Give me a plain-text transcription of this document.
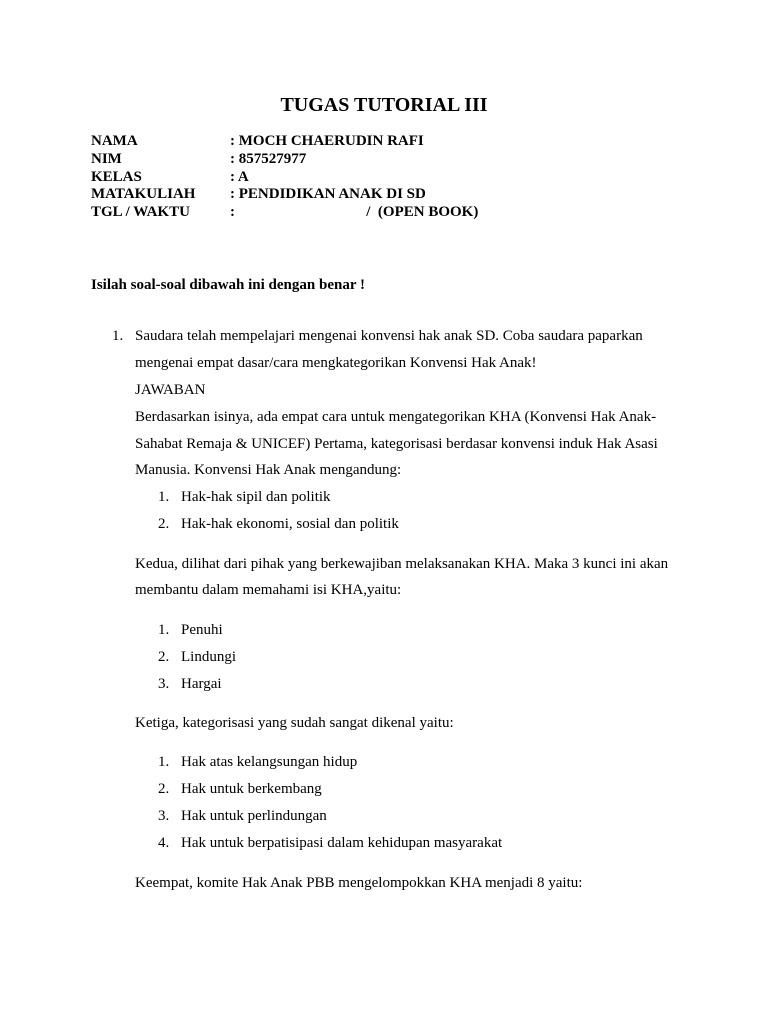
TUGAS TUTORIAL III
NAMA	: MOCH CHAERUDIN RAFI
NIM	: 857527977
KELAS	: A
MATAKULIAH	: PENDIDIKAN ANAK DI SD
TGL / WAKTU	:                                   /  (OPEN BOOK)
Isilah soal-soal dibawah ini dengan benar !
1. Saudara telah mempelajari mengenai konvensi hak anak SD. Coba saudara paparkan
mengenai empat dasar/cara mengkategorikan Konvensi Hak Anak!
JAWABAN
Berdasarkan isinya, ada empat cara untuk mengategorikan KHA (Konvensi Hak Anak-
Sahabat Remaja & UNICEF) Pertama, kategorisasi berdasar konvensi induk Hak Asasi
Manusia. Konvensi Hak Anak mengandung:
1. Hak-hak sipil dan politik
2. Hak-hak ekonomi, sosial dan politik
Kedua, dilihat dari pihak yang berkewajiban melaksanakan KHA. Maka 3 kunci ini akan
membantu dalam memahami isi KHA,yaitu:
1. Penuhi
2. Lindungi
3. Hargai
Ketiga, kategorisasi yang sudah sangat dikenal yaitu:
1. Hak atas kelangsungan hidup
2. Hak untuk berkembang
3. Hak untuk perlindungan
4. Hak untuk berpatisipasi dalam kehidupan masyarakat
Keempat, komite Hak Anak PBB mengelompokkan KHA menjadi 8 yaitu:
